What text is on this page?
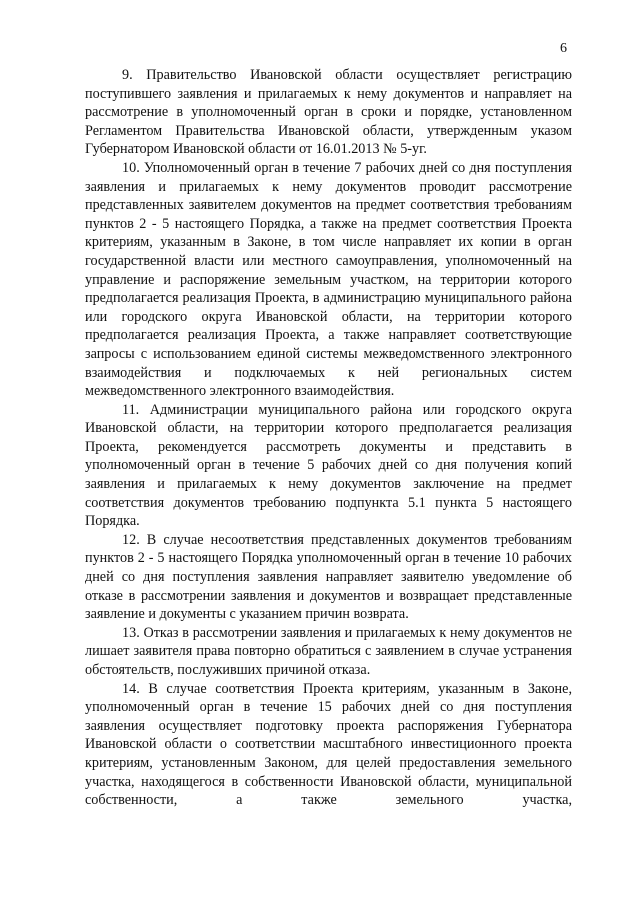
6

9. Правительство Ивановской области осуществляет регистрацию поступившего заявления и прилагаемых к нему документов и направляет на рассмотрение в уполномоченный орган в сроки и порядке, установленном Регламентом Правительства Ивановской области, утвержденным указом Губернатором Ивановской области от 16.01.2013 № 5-уг.

10. Уполномоченный орган в течение 7 рабочих дней со дня поступления заявления и прилагаемых к нему документов проводит рассмотрение представленных заявителем документов на предмет соответствия требованиям пунктов 2 - 5 настоящего Порядка, а также на предмет соответствия Проекта критериям, указанным в Законе, в том числе направляет их копии в орган государственной власти или местного самоуправления, уполномоченный на управление и распоряжение земельным участком, на территории которого предполагается реализация Проекта, в администрацию муниципального района или городского округа Ивановской области, на территории которого предполагается реализация Проекта, а также направляет соответствующие запросы с использованием единой системы межведомственного электронного взаимодействия и подключаемых к ней региональных систем межведомственного электронного взаимодействия.

11. Администрации муниципального района или городского округа Ивановской области, на территории которого предполагается реализация Проекта, рекомендуется рассмотреть документы и представить в уполномоченный орган в течение 5 рабочих дней со дня получения копий заявления и прилагаемых к нему документов заключение на предмет соответствия документов требованию подпункта 5.1 пункта 5 настоящего Порядка.

12. В случае несоответствия представленных документов требованиям пунктов 2 - 5 настоящего Порядка уполномоченный орган в течение 10 рабочих дней со дня поступления заявления направляет заявителю уведомление об отказе в рассмотрении заявления и документов и возвращает представленные заявление и документы с указанием причин возврата.

13. Отказ в рассмотрении заявления и прилагаемых к нему документов не лишает заявителя права повторно обратиться с заявлением в случае устранения обстоятельств, послуживших причиной отказа.

14. В случае соответствия Проекта критериям, указанным в Законе, уполномоченный орган в течение 15 рабочих дней со дня поступления заявления осуществляет подготовку проекта распоряжения Губернатора Ивановской области о соответствии масштабного инвестиционного проекта критериям, установленным Законом, для целей предоставления земельного участка, находящегося в собственности Ивановской области, муниципальной собственности, а также земельного участка,
